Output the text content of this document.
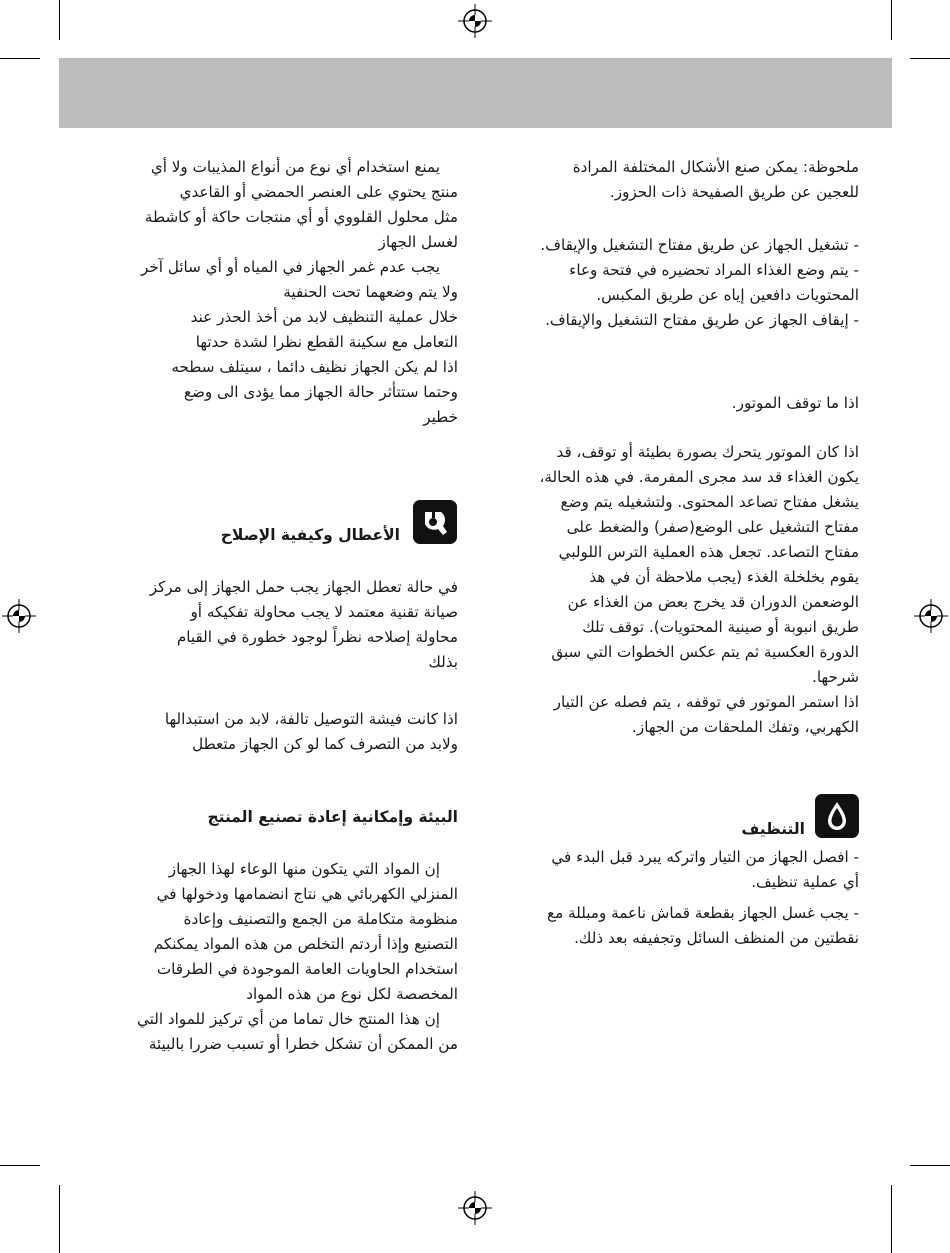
ملحوظة: يمكن صنع الأشكال المختلفة المرادة

للعجين عن طريق الصفيحة ذات الحزوز.

- تشغيل الجهاز عن طريق مفتاح التشغيل والإيقاف.

- يتم وضع الغذاء المراد تحضيره في فتحة وعاء

المحتويات دافعين إياه عن طريق المكبس.

- إيقاف الجهاز عن طريق مفتاح التشغيل والإيقاف.

اذا ما توقف الموتور.

اذا كان الموتور يتحرك بصورة بطيئة أو توقف، قد

يكون الغذاء قد سد مجرى المفرمة. في هذه الحالة،

يشغل مفتاح تصاعد المحتوى. ولتشغيله يتم وضع

مفتاح التشغيل على الوضع(صفر) والضغط على

مفتاح التصاعد. تجعل هذه العملية الترس اللولبي

يقوم بخلخلة الغذء (يجب ملاحظة أن في هذ

الوضعمن الدوران قد يخرج بعض من الغذاء عن

طريق انبوبة أو صينية المحتويات). توقف تلك

الدورة العكسية ثم يتم عكس الخطوات التي سبق

شرحها.

اذا استمر الموتور في توقفه ، يتم فصله عن التيار

الكهربي، وتفك الملحقات من الجهاز.

التنظيف

- افصل الجهاز من التيار واتركه يبرد قبل البدء في

أي عملية تنظيف.

- يجب غسل الجهاز بقطعة قماش ناعمة ومبللة مع

نقطتين من المنظف السائل وتجفيفه بعد ذلك.

يمنع استخدام أي نوع من أنواع المذيبات ولا أي

منتج يحتوي على العنصر الحمضي أو القاعدي

مثل محلول القلووي أو أي منتجات حاكة أو كاشطة

لغسل الجهاز

يجب عدم غمر الجهاز في المياه أو أي سائل آخر

ولا يتم وضعهما تحت الحنفية

خلال عملية التنظيف لابد من أخذ الحذر عند

التعامل مع سكينة القطع نظرا لشدة حدتها

اذا لم يكن الجهاز نظيف دائما ، سيتلف سطحه

وحتما ستتأثر حالة الجهاز مما يؤدى الى وضع

خطير

الأعطال وكيفية الإصلاح

في حالة تعطل الجهاز يجب حمل الجهاز إلى مركز

صيانة تقنية معتمد لا يجب محاولة تفكيكه أو

محاولة إصلاحه نظراً لوجود خطورة في القيام

بذلك

اذا كانت فيشة التوصيل تالفة، لابد من استبدالها

ولابد من التصرف كما لو كن الجهاز متعطل

البيئة وإمكانية إعادة تصنيع المنتج

إن المواد التي يتكون منها الوعاء لهذا الجهاز

المنزلي الكهربائي هي نتاج انضمامها ودخولها في

منظومة متكاملة من الجمع والتصنيف وإعادة

التصنيع وإذا أردتم التخلص من هذه المواد يمكنكم

استخدام الحاويات العامة الموجودة في الطرقات

المخصصة لكل نوع من هذه المواد

إن هذا المنتج خال تماما من أي تركيز للمواد التي

من الممكن أن تشكل خطرا أو تسبب ضررا بالبيئة
